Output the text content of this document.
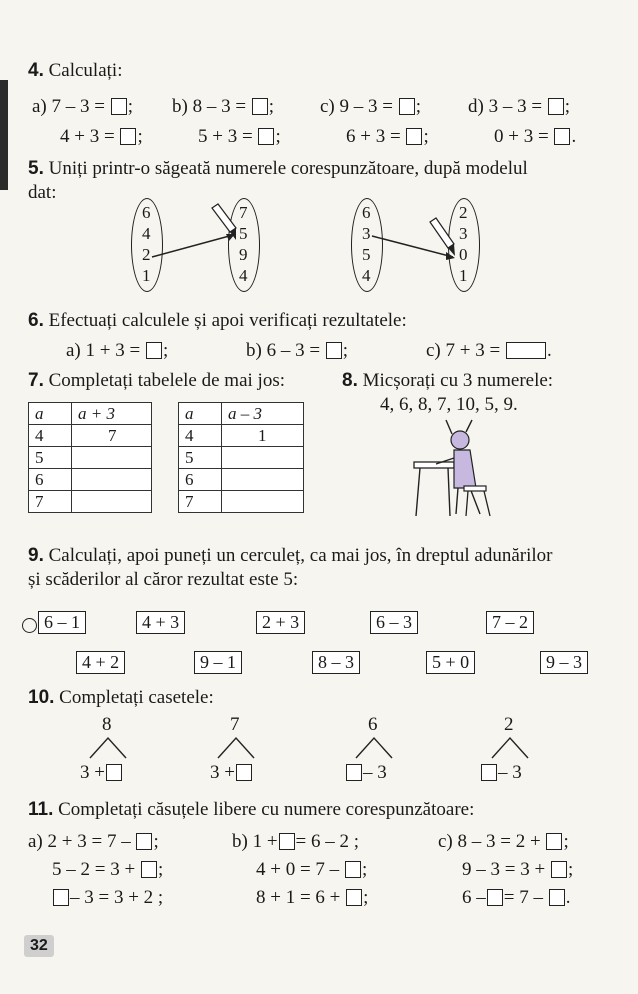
4. Calculați:
a) 7 – 3 = ; b) 8 – 3 = ; c) 9 – 3 = ; d) 3 – 3 = ;
4 + 3 = ;	5 + 3 = ;	6 + 3 = ;	0 + 3 = .
5. Uniți printr-o săgeată numerele corespunzătoare, după modelul
dat:
6
4
2
1
7
5
9
4
6
3
5
4
2
3
0
1
6. Efectuați calculele și apoi verificați rezultatele:
a) 1 + 3 = ;	b) 6 – 3 = ;	c) 7 + 3 = .
7. Completați tabelele de mai jos:
a	a + 3
4	7
5	
6	
7	
a	a – 3
4	1
5	
6	
7	
8. Micșorați cu 3 numerele:
4, 6, 8, 7, 10, 5, 9.
9. Calculați, apoi puneți un cerculeț, ca mai jos, în dreptul adunărilor
și scăderilor al căror rezultat este 5:
6 – 1	4 + 3	2 + 3	6 – 3	7 – 2
4 + 2	9 – 1	8 – 3	5 + 0	9 – 3
10. Completați casetele:
8
3 +
7
3 +
6
– 3
2
– 3
11. Completați căsuțele libere cu numere corespunzătoare:
a) 2 + 3 = 7 – ;
5 – 2 = 3 + ;
– 3 = 3 + 2 ;
b) 1 + = 6 – 2 ;
4 + 0 = 7 – ;
8 + 1 = 6 + ;
c) 8 – 3 = 2 + ;
9 – 3 = 3 + ;
6 – = 7 – .
32
